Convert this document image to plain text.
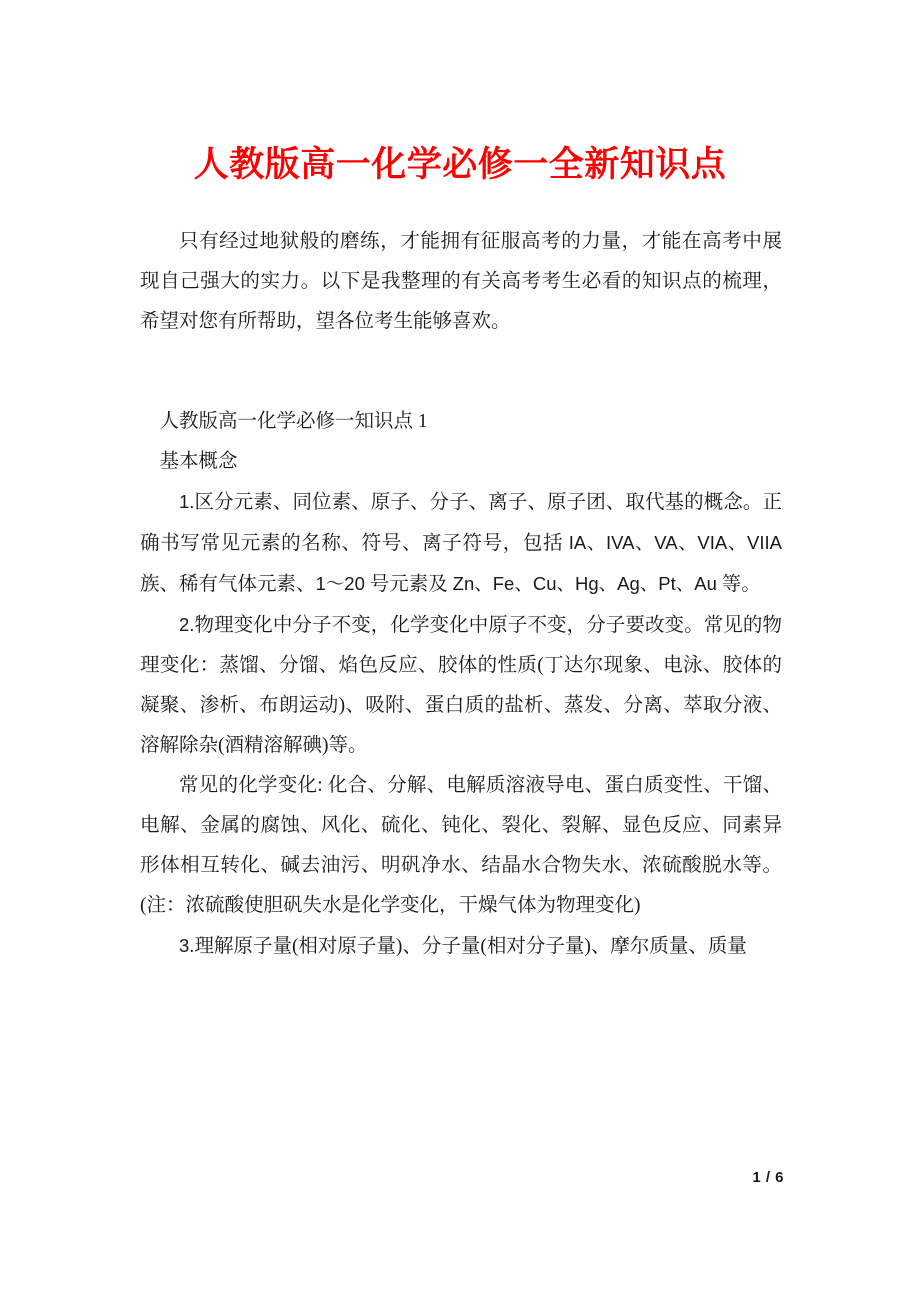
人教版高一化学必修一全新知识点

只有经过地狱般的磨练，才能拥有征服高考的力量，才能在高考中展现自己强大的实力。以下是我整理的有关高考考生必看的知识点的梳理，希望对您有所帮助，望各位考生能够喜欢。

人教版高一化学必修一知识点 1

基本概念

1.区分元素、同位素、原子、分子、离子、原子团、取代基的概念。正确书写常见元素的名称、符号、离子符号，包括 IA、IVA、VA、VIA、VIIA 族、稀有气体元素、1～20 号元素及 Zn、Fe、Cu、Hg、Ag、Pt、Au 等。

2.物理变化中分子不变，化学变化中原子不变，分子要改变。常见的物理变化：蒸馏、分馏、焰色反应、胶体的性质(丁达尔现象、电泳、胶体的凝聚、渗析、布朗运动)、吸附、蛋白质的盐析、蒸发、分离、萃取分液、溶解除杂(酒精溶解碘)等。

常见的化学变化: 化合、分解、电解质溶液导电、蛋白质变性、干馏、电解、金属的腐蚀、风化、硫化、钝化、裂化、裂解、显色反应、同素异形体相互转化、碱去油污、明矾净水、结晶水合物失水、浓硫酸脱水等。(注：浓硫酸使胆矾失水是化学变化，干燥气体为物理变化)

3.理解原子量(相对原子量)、分子量(相对分子量)、摩尔质量、质量

1 / 6
